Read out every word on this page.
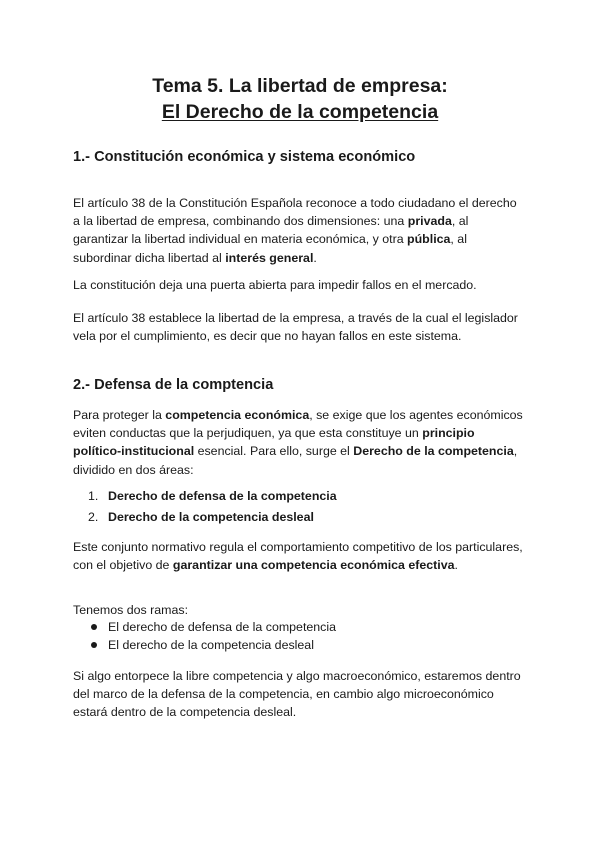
Tema 5. La libertad de empresa:
El Derecho de la competencia
1.- Constitución económica y sistema económico
El artículo 38 de la Constitución Española reconoce a todo ciudadano el derecho a la libertad de empresa, combinando dos dimensiones: una privada, al garantizar la libertad individual en materia económica, y otra pública, al subordinar dicha libertad al interés general.
La constitución deja una puerta abierta para impedir fallos en el mercado.
El artículo 38 establece la libertad de la empresa, a través de la cual el legislador vela por el cumplimiento, es decir que no hayan fallos en este sistema.
2.- Defensa de la comptencia
Para proteger la competencia económica, se exige que los agentes económicos eviten conductas que la perjudiquen, ya que esta constituye un principio político-institucional esencial. Para ello, surge el Derecho de la competencia, dividido en dos áreas:
1. Derecho de defensa de la competencia
2. Derecho de la competencia desleal
Este conjunto normativo regula el comportamiento competitivo de los particulares, con el objetivo de garantizar una competencia económica efectiva.
Tenemos dos ramas:
El derecho de defensa de la competencia
El derecho de la competencia desleal
Si algo entorpece la libre competencia y algo macroeconómico, estaremos dentro del marco de la defensa de la competencia, en cambio algo microeconómico estará dentro de la competencia desleal.
